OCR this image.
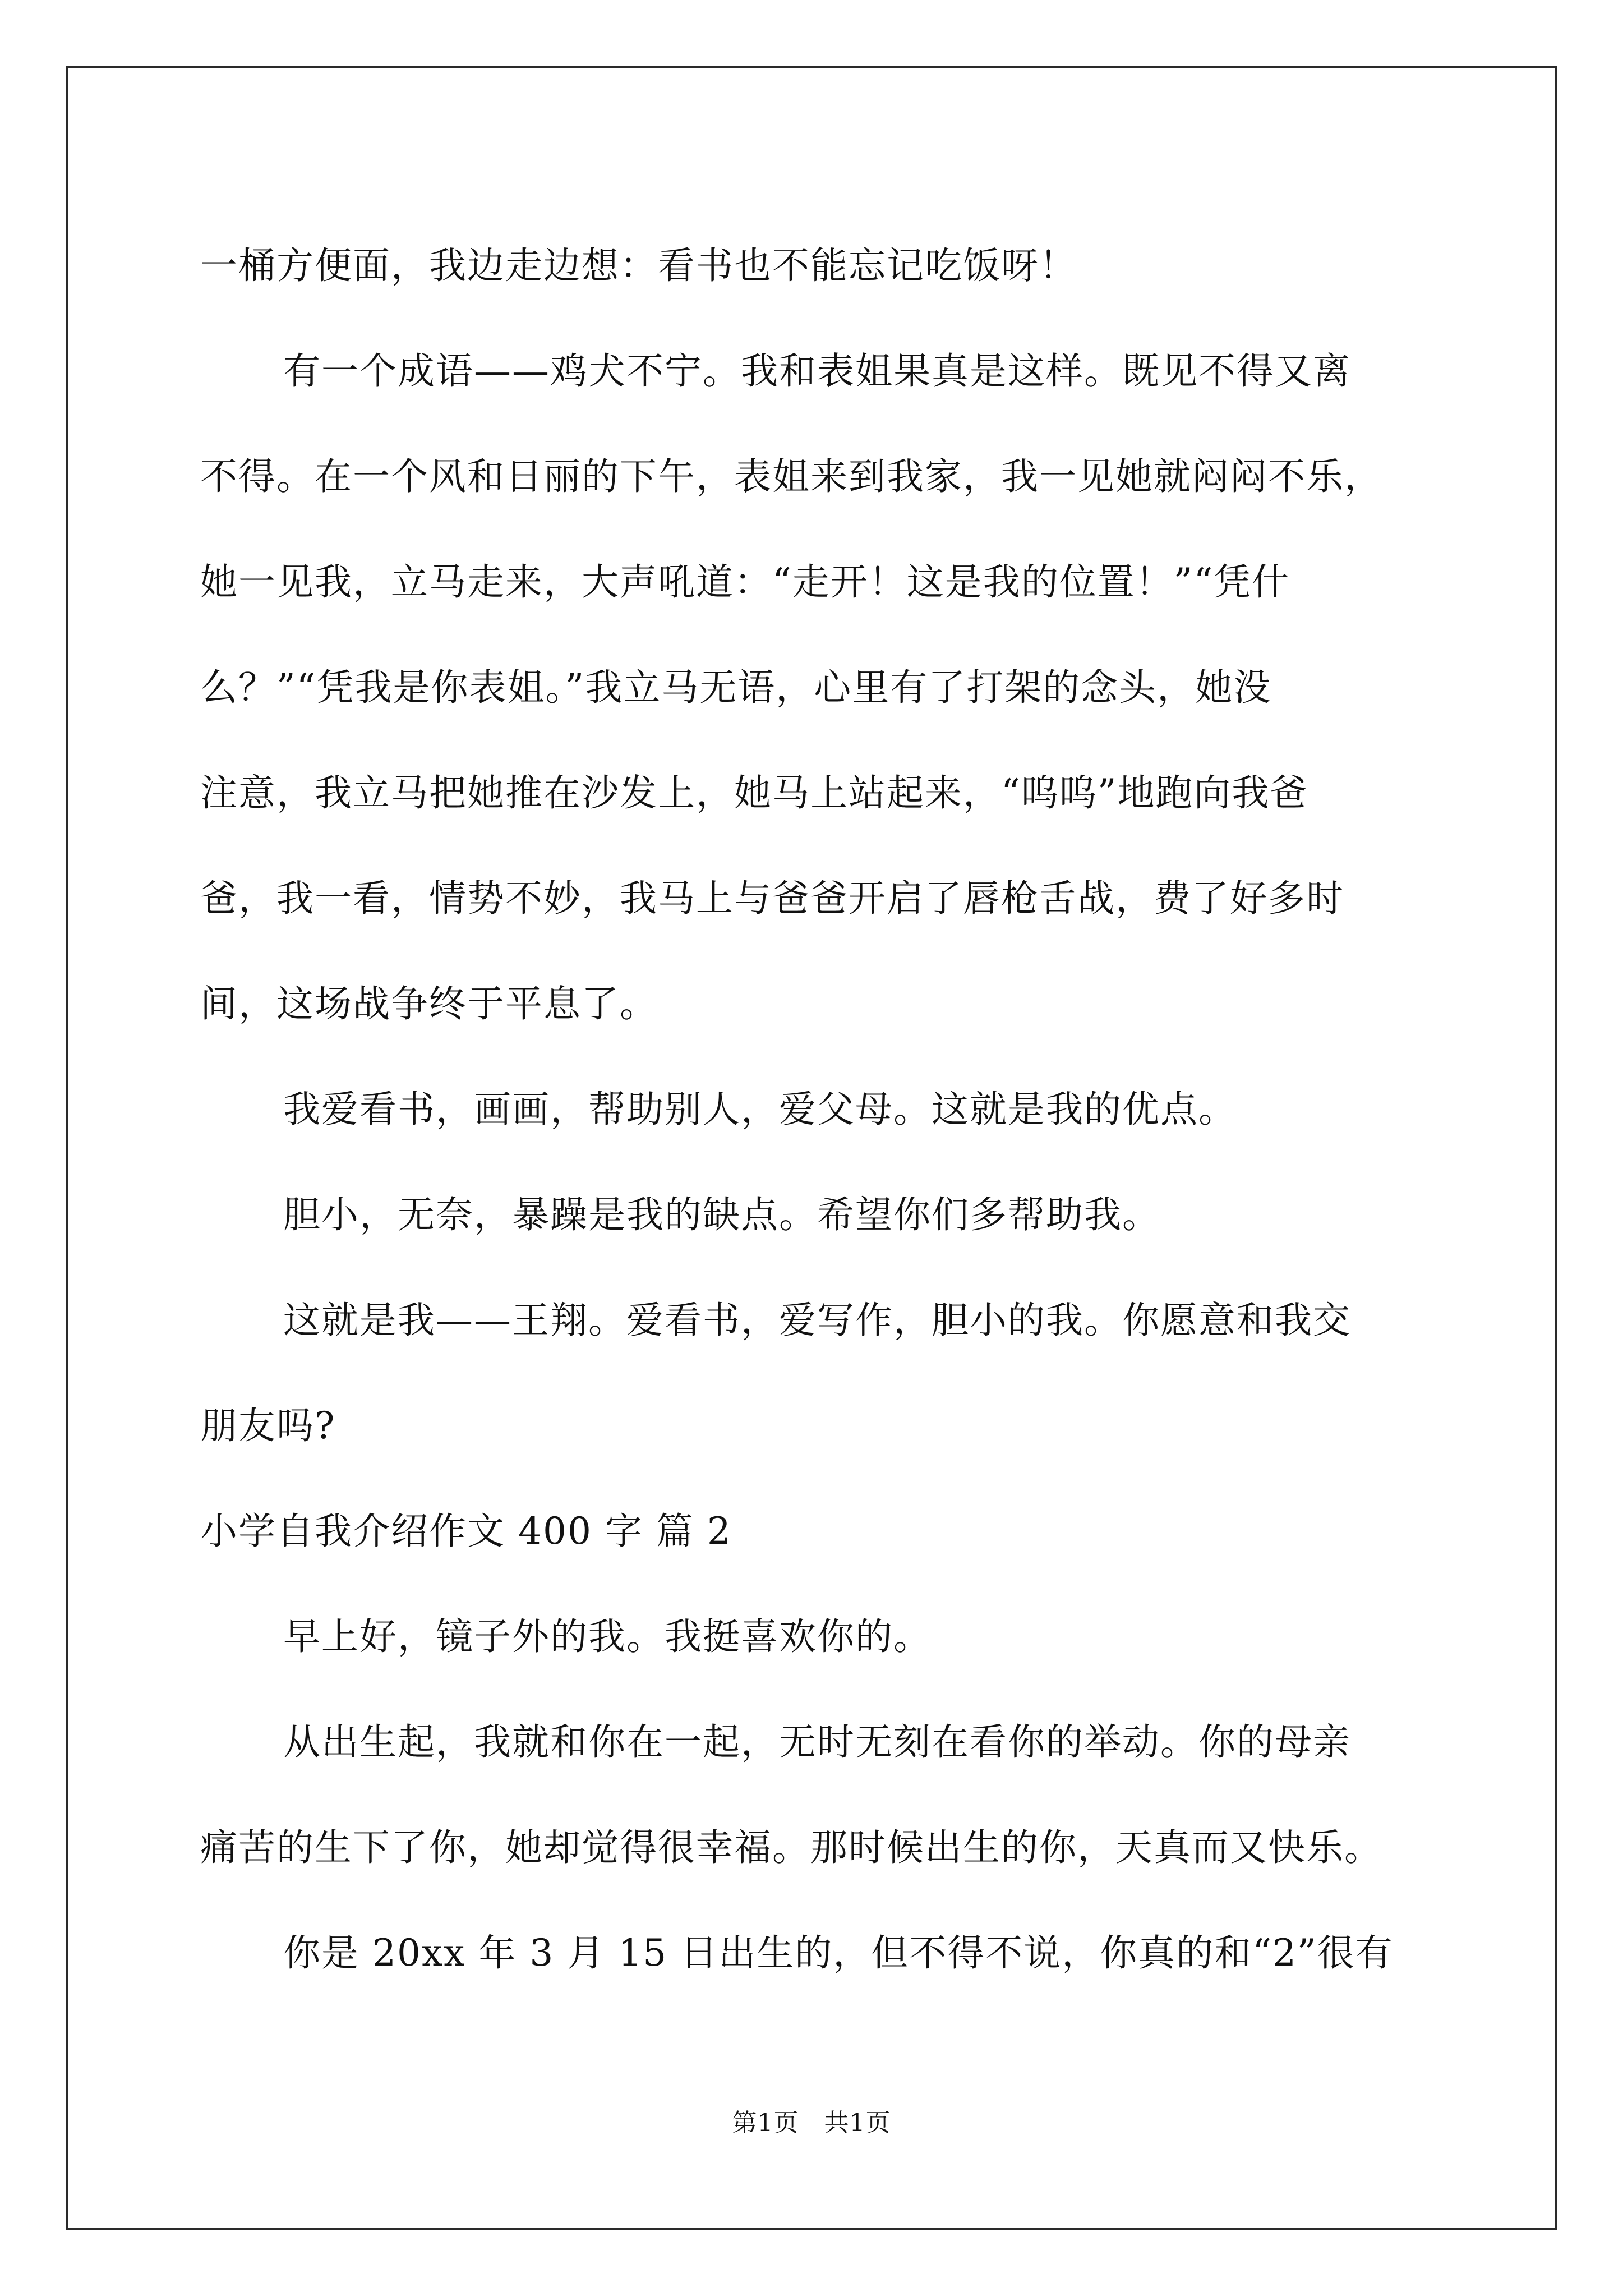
一桶方便面，我边走边想：看书也不能忘记吃饭呀！
有一个成语——鸡犬不宁。我和表姐果真是这样。既见不得又离
不得。在一个风和日丽的下午，表姐来到我家，我一见她就闷闷不乐，
她一见我，立马走来，大声吼道：“走开！这是我的位置！”“凭什
么？”“凭我是你表姐。”我立马无语，心里有了打架的念头，她没
注意，我立马把她推在沙发上，她马上站起来，“呜呜”地跑向我爸
爸，我一看，情势不妙，我马上与爸爸开启了唇枪舌战，费了好多时
间，这场战争终于平息了。
我爱看书，画画，帮助别人，爱父母。这就是我的优点。
胆小，无奈，暴躁是我的缺点。希望你们多帮助我。
这就是我——王翔。爱看书，爱写作，胆小的我。你愿意和我交
朋友吗?
小学自我介绍作文 400 字 篇 2
早上好，镜子外的我。我挺喜欢你的。
从出生起，我就和你在一起，无时无刻在看你的举动。你的母亲
痛苦的生下了你，她却觉得很幸福。那时候出生的你，天真而又快乐。
你是 20xx 年 3 月 15 日出生的，但不得不说，你真的和“2”很有
第1页   共1页
